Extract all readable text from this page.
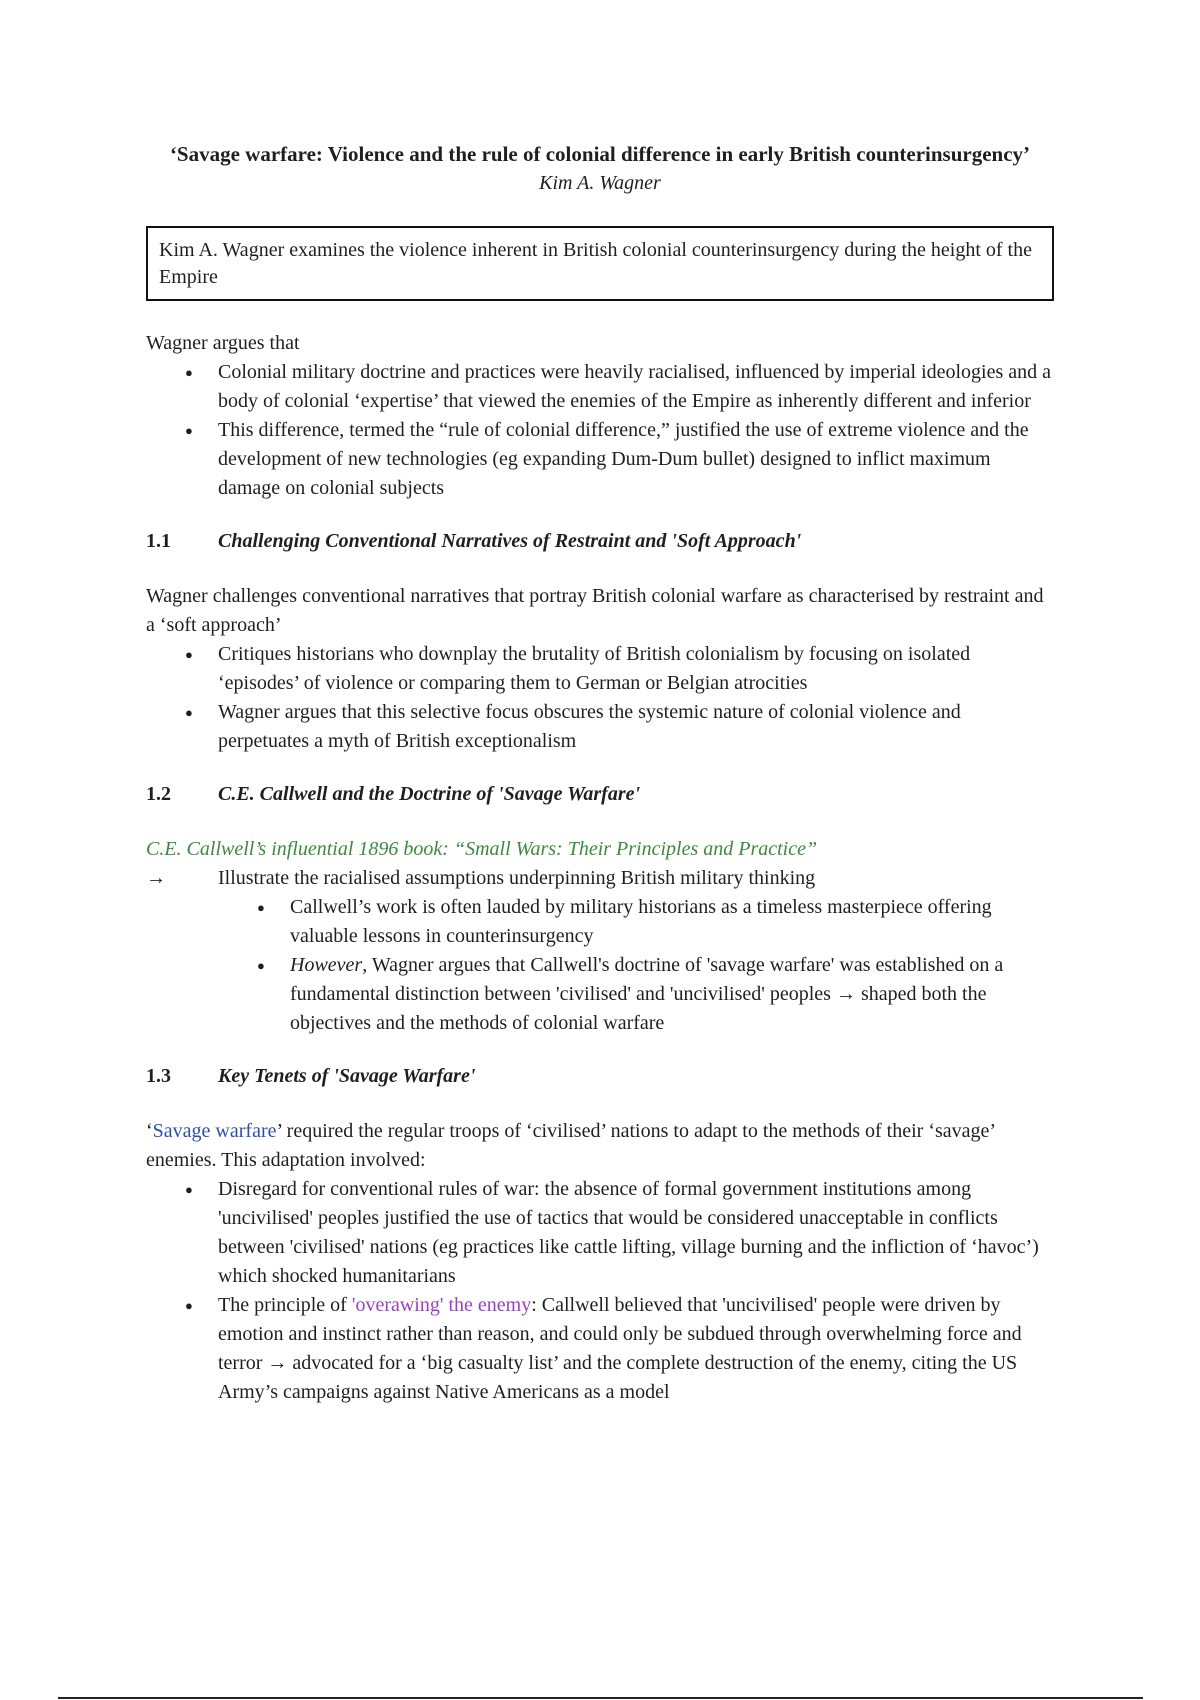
‘Savage warfare: Violence and the rule of colonial difference in early British counterinsurgency’

Kim A. Wagner

Kim A. Wagner examines the violence inherent in British colonial counterinsurgency during the height of the Empire

Wagner argues that

● Colonial military doctrine and practices were heavily racialised, influenced by imperial ideologies and a body of colonial ‘expertise’ that viewed the enemies of the Empire as inherently different and inferior
● This difference, termed the “rule of colonial difference,” justified the use of extreme violence and the development of new technologies (eg expanding Dum-Dum bullet) designed to inflict maximum damage on colonial subjects
1.1	Challenging Conventional Narratives of Restraint and 'Soft Approach'

Wagner challenges conventional narratives that portray British colonial warfare as characterised by restraint and a ‘soft approach’

● Critiques historians who downplay the brutality of British colonialism by focusing on isolated ‘episodes’ of violence or comparing them to German or Belgian atrocities
● Wagner argues that this selective focus obscures the systemic nature of colonial violence and perpetuates a myth of British exceptionalism
1.2	C.E. Callwell and the Doctrine of 'Savage Warfare'

C.E. Callwell’s influential 1896 book: “Small Wars: Their Principles and Practice”

→	Illustrate the racialised assumptions underpinning British military thinking
● Callwell’s work is often lauded by military historians as a timeless masterpiece offering valuable lessons in counterinsurgency
● However, Wagner argues that Callwell's doctrine of 'savage warfare' was established on a fundamental distinction between 'civilised' and 'uncivilised' peoples → shaped both the objectives and the methods of colonial warfare
1.3	Key Tenets of 'Savage Warfare'

‘Savage warfare’ required the regular troops of ‘civilised’ nations to adapt to the methods of their ‘savage’ enemies. This adaptation involved:

● Disregard for conventional rules of war: the absence of formal government institutions among 'uncivilised' peoples justified the use of tactics that would be considered unacceptable in conflicts between 'civilised' nations (eg practices like cattle lifting, village burning and the infliction of ‘havoc’) which shocked humanitarians
● The principle of 'overawing' the enemy: Callwell believed that 'uncivilised' people were driven by emotion and instinct rather than reason, and could only be subdued through overwhelming force and terror → advocated for a ‘big casualty list’ and the complete destruction of the enemy, citing the US Army’s campaigns against Native Americans as a model
